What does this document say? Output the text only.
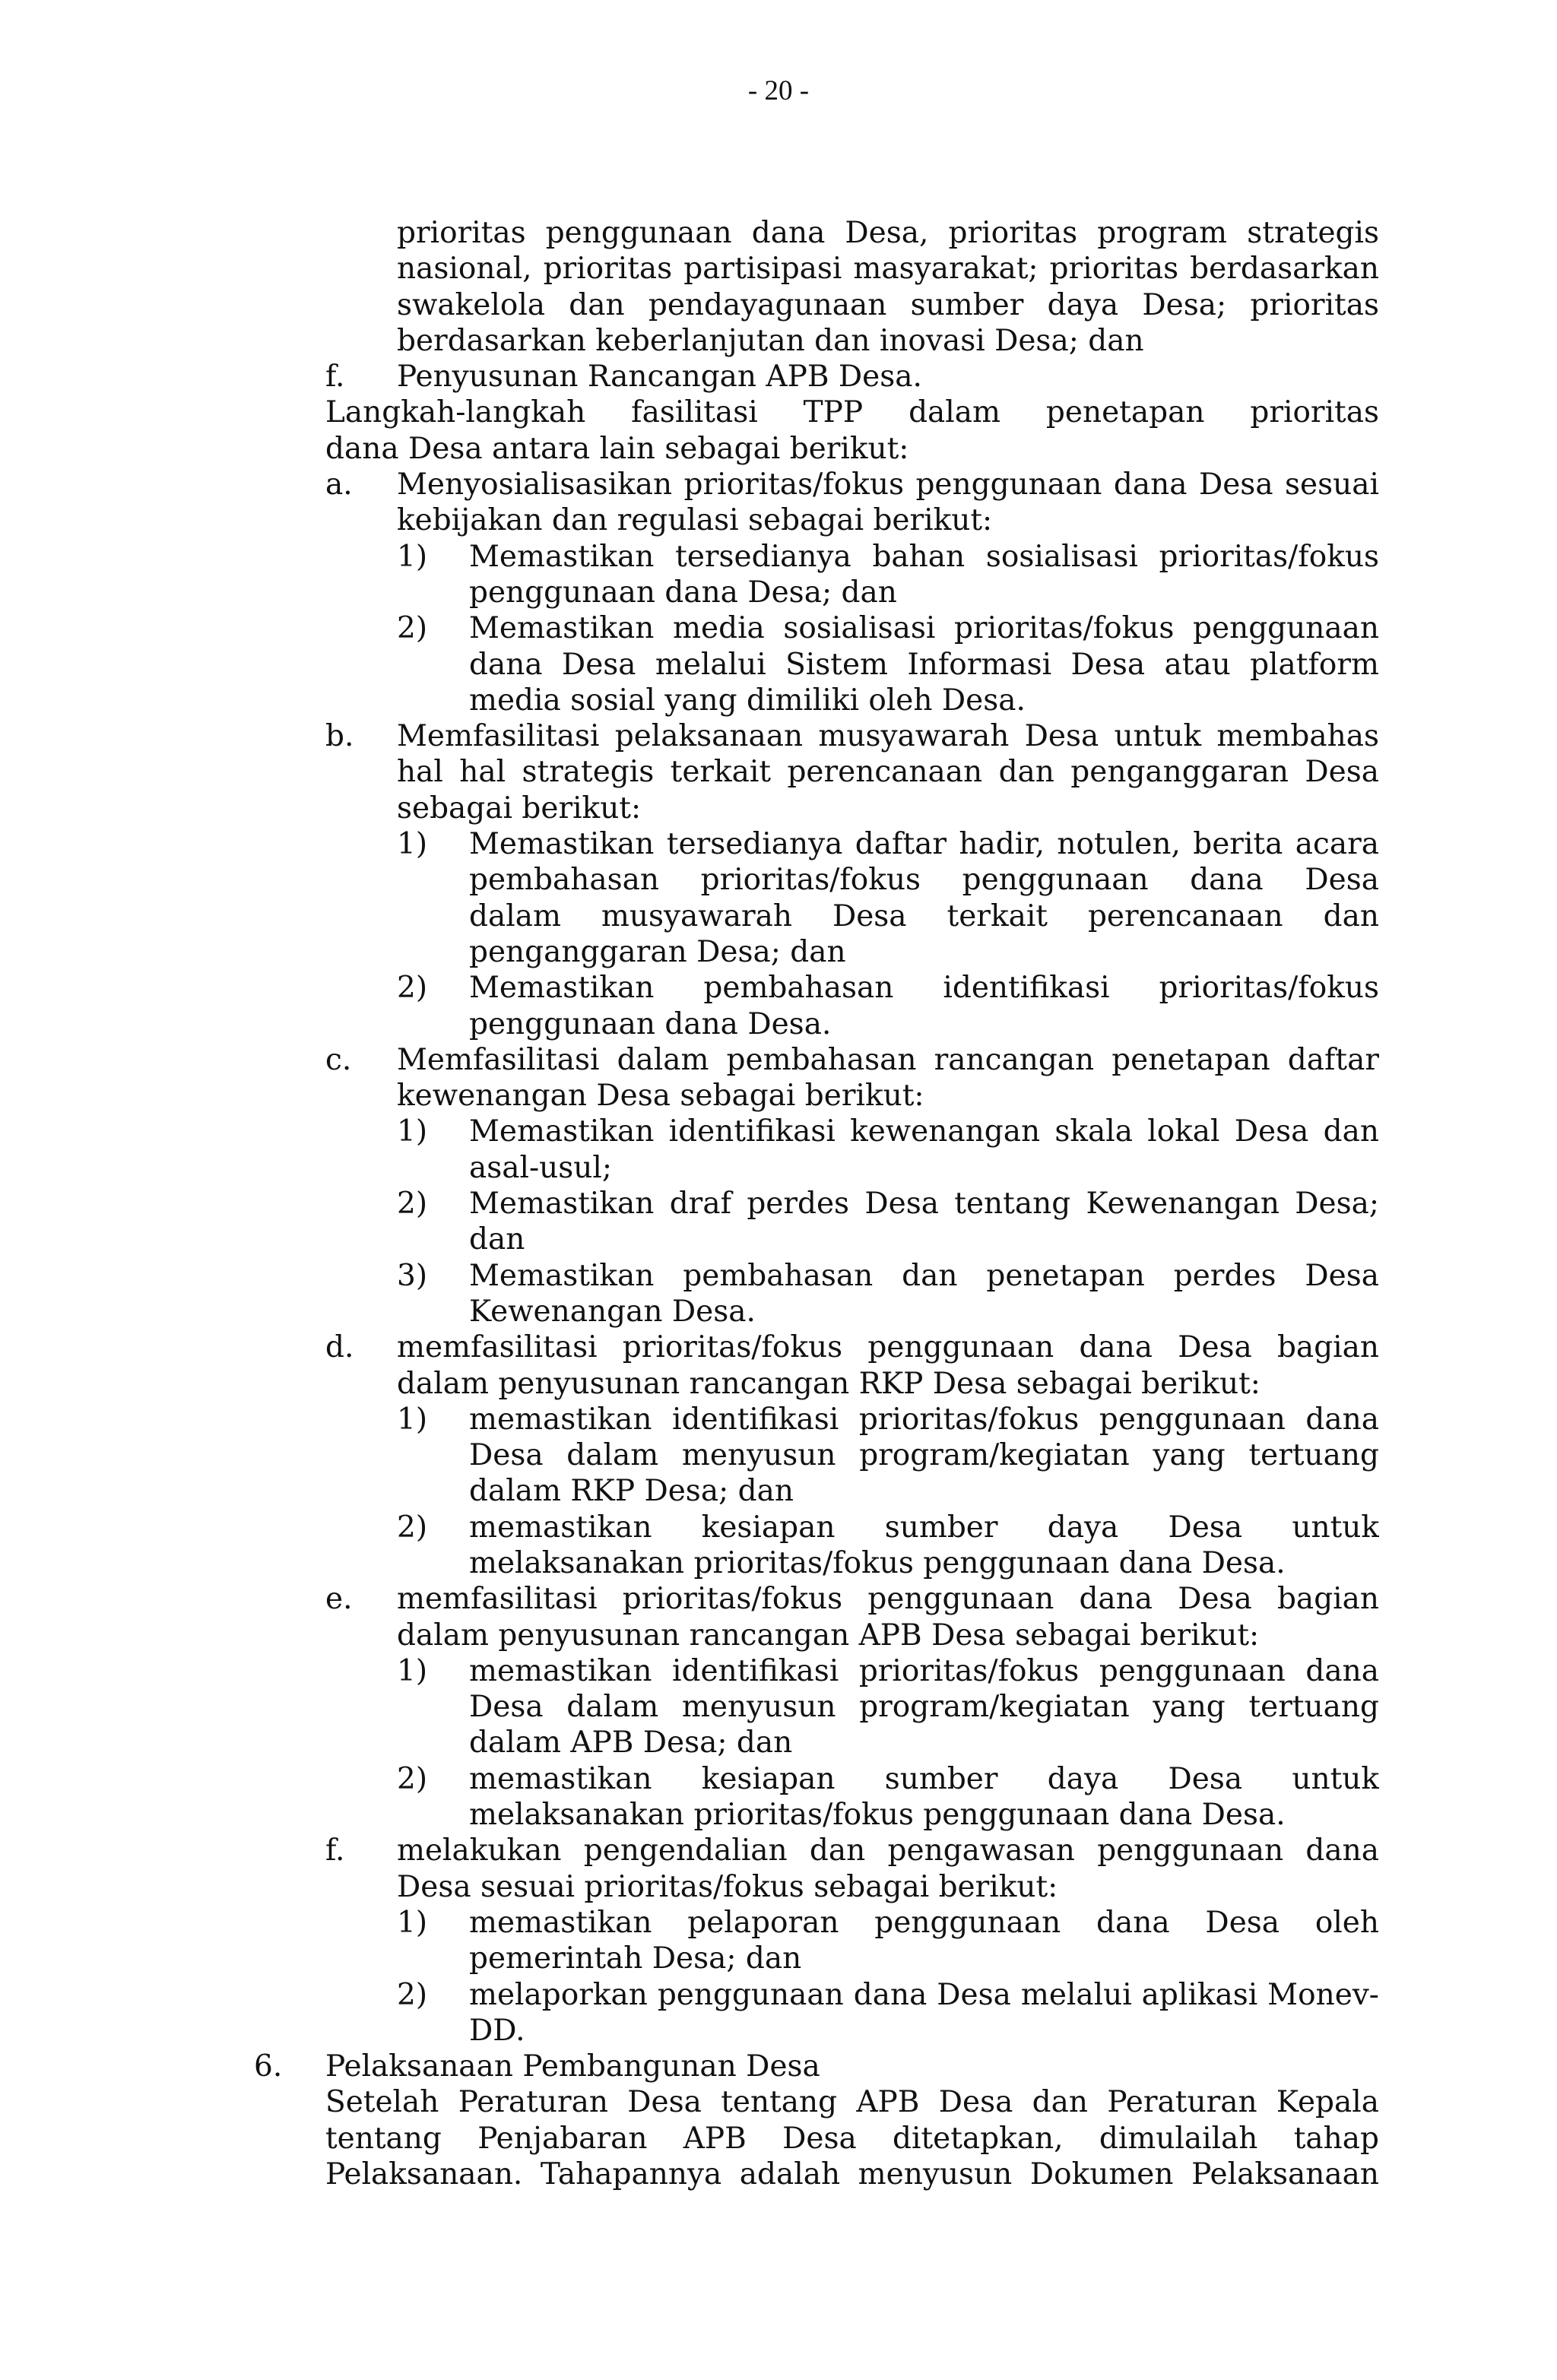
- 20 -
prioritas penggunaan dana Desa, prioritas program strategis
nasional, prioritas partisipasi masyarakat; prioritas berdasarkan
swakelola dan pendayagunaan sumber daya Desa; prioritas
berdasarkan keberlanjutan dan inovasi Desa; dan
f. Penyusunan Rancangan APB Desa.
Langkah-langkah fasilitasi TPP dalam penetapan prioritas
dana Desa antara lain sebagai berikut:
a. Menyosialisasikan prioritas/fokus penggunaan dana Desa sesuai
kebijakan dan regulasi sebagai berikut:
1) Memastikan tersedianya bahan sosialisasi prioritas/fokus
penggunaan dana Desa; dan
2) Memastikan media sosialisasi prioritas/fokus penggunaan
dana Desa melalui Sistem Informasi Desa atau platform
media sosial yang dimiliki oleh Desa.
b. Memfasilitasi pelaksanaan musyawarah Desa untuk membahas
hal hal strategis terkait perencanaan dan penganggaran Desa
sebagai berikut:
1) Memastikan tersedianya daftar hadir, notulen, berita acara
pembahasan prioritas/fokus penggunaan dana Desa
dalam musyawarah Desa terkait perencanaan dan
penganggaran Desa; dan
2) Memastikan pembahasan identifikasi prioritas/fokus
penggunaan dana Desa.
c. Memfasilitasi dalam pembahasan rancangan penetapan daftar
kewenangan Desa sebagai berikut:
1) Memastikan identifikasi kewenangan skala lokal Desa dan
asal-usul;
2) Memastikan draf perdes Desa tentang Kewenangan Desa;
dan
3) Memastikan pembahasan dan penetapan perdes Desa
Kewenangan Desa.
d. memfasilitasi prioritas/fokus penggunaan dana Desa bagian
dalam penyusunan rancangan RKP Desa sebagai berikut:
1) memastikan identifikasi prioritas/fokus penggunaan dana
Desa dalam menyusun program/kegiatan yang tertuang
dalam RKP Desa; dan
2) memastikan kesiapan sumber daya Desa untuk
melaksanakan prioritas/fokus penggunaan dana Desa.
e. memfasilitasi prioritas/fokus penggunaan dana Desa bagian
dalam penyusunan rancangan APB Desa sebagai berikut:
1) memastikan identifikasi prioritas/fokus penggunaan dana
Desa dalam menyusun program/kegiatan yang tertuang
dalam APB Desa; dan
2) memastikan kesiapan sumber daya Desa untuk
melaksanakan prioritas/fokus penggunaan dana Desa.
f. melakukan pengendalian dan pengawasan penggunaan dana
Desa sesuai prioritas/fokus sebagai berikut:
1) memastikan pelaporan penggunaan dana Desa oleh
pemerintah Desa; dan
2) melaporkan penggunaan dana Desa melalui aplikasi Monev-
DD.
6. Pelaksanaan Pembangunan Desa
Setelah Peraturan Desa tentang APB Desa dan Peraturan Kepala
tentang Penjabaran APB Desa ditetapkan, dimulailah tahap
Pelaksanaan. Tahapannya adalah menyusun Dokumen Pelaksanaan
